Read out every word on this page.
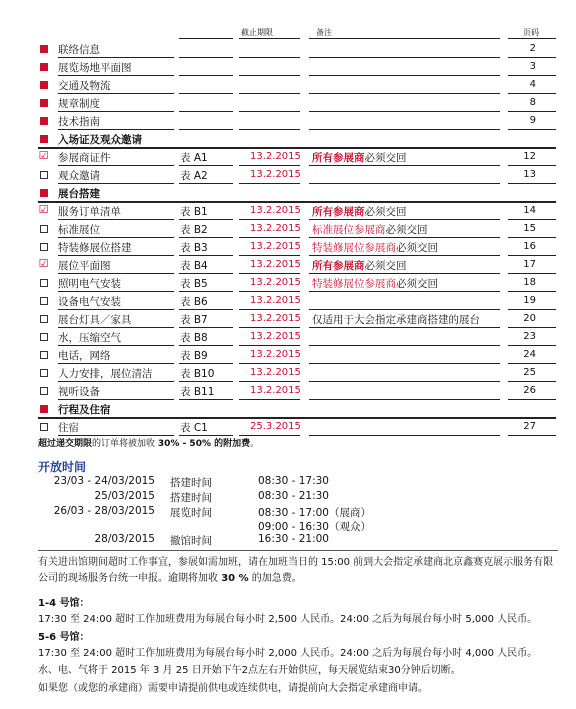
截止期限	备注	页码
联络信息	2
展览场地平面图	3
交通及物流	4
规章制度	8
技术指南	9
入场证及观众邀请
☑ 参展商证件	表 A1	13.2.2015 所有参展商必须交回	12
观众邀请	表 A2	13.2.2015	13
展台搭建
☑ 服务订单清单	表 B1	13.2.2015 所有参展商必须交回	14
标准展位	表 B2	13.2.2015 标准展位参展商必须交回	15
特装修展位搭建	表 B3	13.2.2015 特装修展位参展商必须交回	16
☑ 展位平面图	表 B4	13.2.2015 所有参展商必须交回	17
照明电气安装	表 B5	13.2.2015 特装修展位参展商必须交回	18
设备电气安装	表 B6	13.2.2015	19
展台灯具／家具	表 B7	13.2.2015 仅适用于大会指定承建商搭建的展台	20
水，压缩空气	表 B8	13.2.2015	23
电话，网络	表 B9	13.2.2015	24
人力安排，展位清洁	表 B10	13.2.2015	25
视听设备	表 B11	13.2.2015	26
行程及住宿
住宿	表 C1	25.3.2015	27
超过递交期限的订单将被加收 30% - 50% 的附加费。
开放时间
23/03 - 24/03/2015 搭建时间	08:30 - 17:30
25/03/2015 搭建时间	08:30 - 21:30
26/03 - 28/03/2015 展览时间	08:30 - 17:00（展商）
09:00 - 16:30（观众）
28/03/2015 撤馆时间	16:30 - 21:00
有关进出馆期间超时工作事宜，参展如需加班，请在加班当日的 15:00 前到大会指定承建商北京鑫赛克展示服务有限公司的现场服务台统一申报。逾期将加收 30 % 的加急费。
1-4 号馆：
17:30 至 24:00 超时工作加班费用为每展台每小时 2,500 人民币。24:00 之后为每展台每小时 5,000 人民币。
5-6 号馆：
17:30 至 24:00 超时工作加班费用为每展台每小时 2,000 人民币。24:00 之后为每展台每小时 4,000 人民币。
水、电、气将于 2015 年 3 月 25 日开始下午2点左右开始供应，每天展览结束30分钟后切断。
如果您（或您的承建商）需要申请提前供电或连续供电，请提前向大会指定承建商申请。
